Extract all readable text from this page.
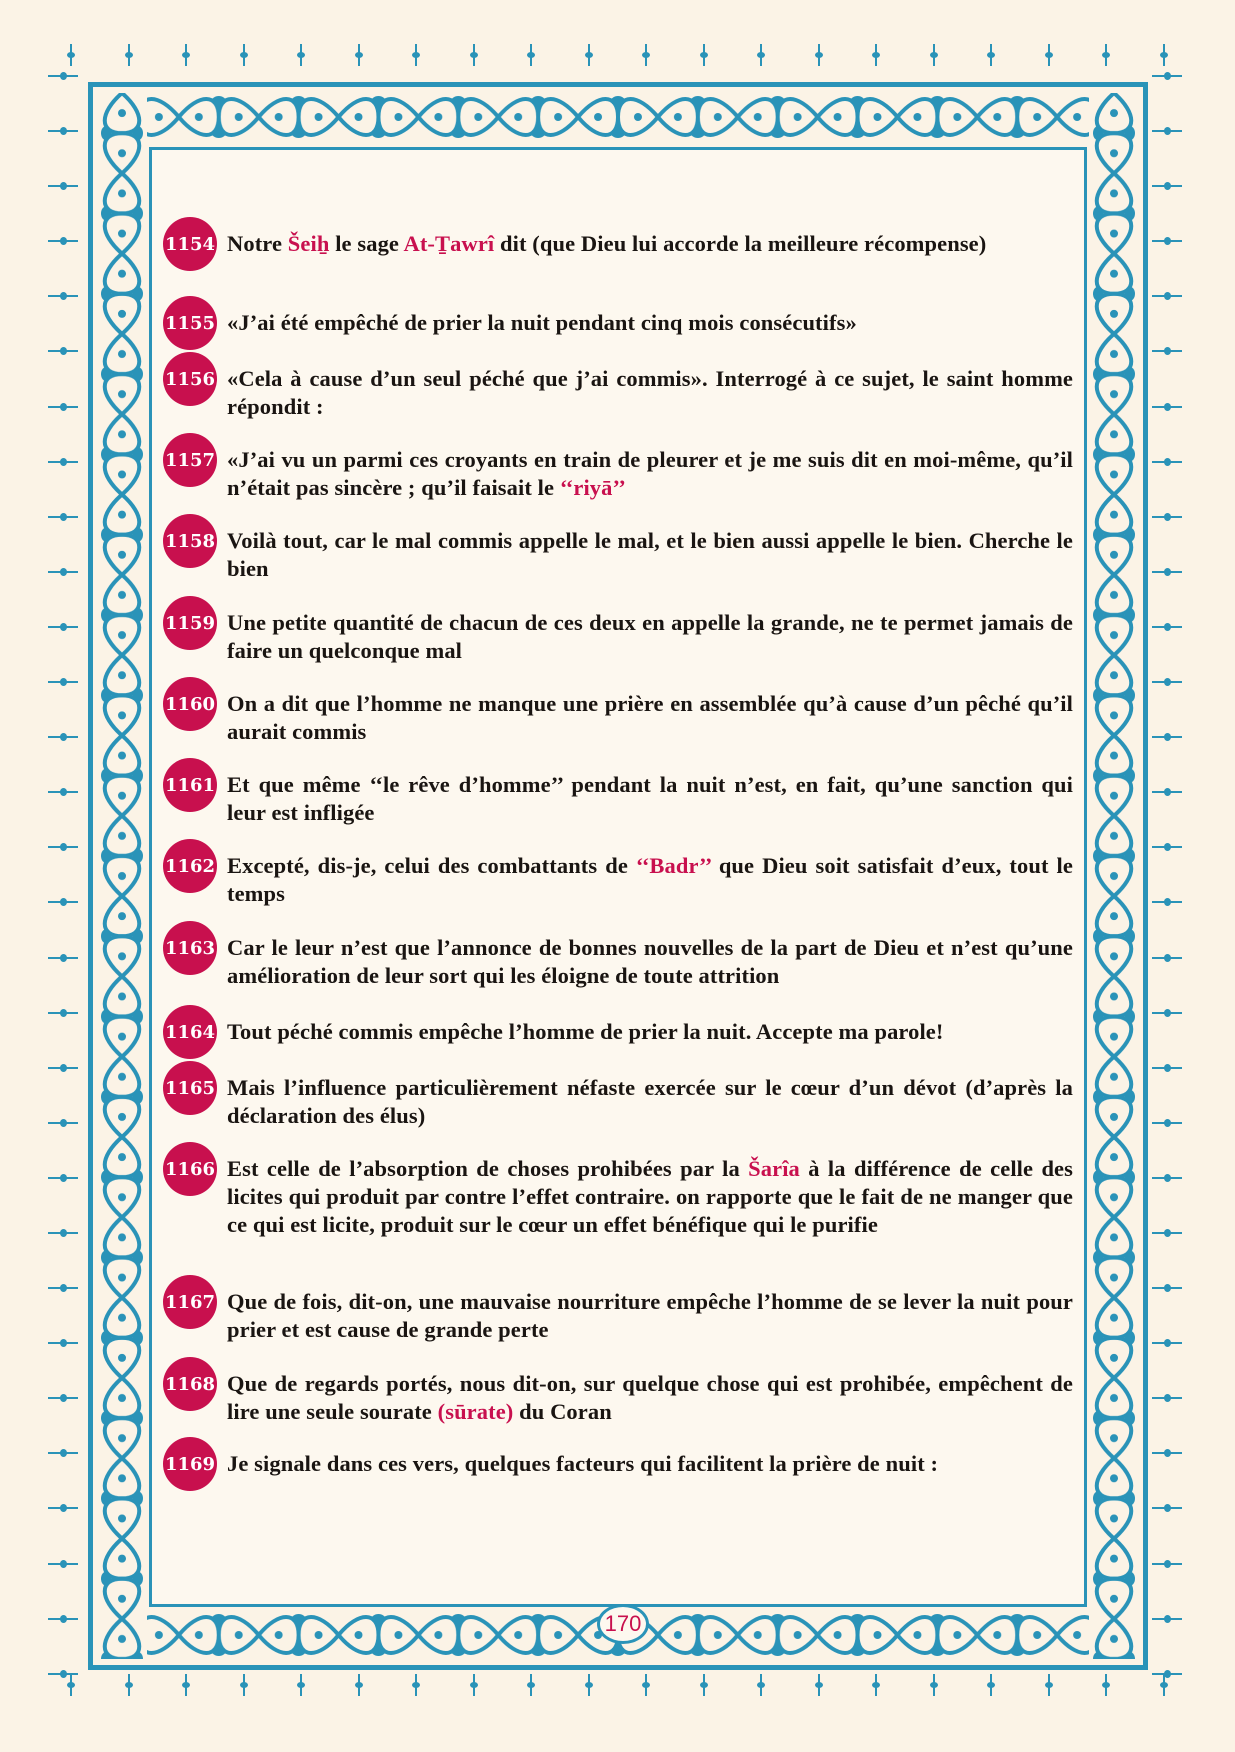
170
1154 Notre Šeiẖ le sage At-Ṯawrî dit (que Dieu lui accorde la meilleure récompense)
1155 «J’ai été empêché de prier la nuit pendant cinq mois consécutifs»
1156 «Cela à cause d’un seul péché que j’ai commis». Interrogé à ce sujet, le saint homme répondit :
1157 «J’ai vu un parmi ces croyants en train de pleurer et je me suis dit en moi-même, qu’il n’était pas sincère ; qu’il faisait le ‘‘riyā’’
1158 Voilà tout, car le mal commis appelle le mal, et le bien aussi appelle le bien. Cherche le bien
1159 Une petite quantité de chacun de ces deux en appelle la grande, ne te permet jamais de faire un quelconque mal
1160 On a dit que l’homme ne manque une prière en assemblée qu’à cause d’un pêché qu’il aurait commis
1161 Et que même ‘‘le rêve d’homme’’ pendant la nuit n’est, en fait, qu’une sanction qui leur est infligée
1162 Excepté, dis-je, celui des combattants de ‘‘Badr’’ que Dieu soit satisfait d’eux, tout le temps
1163 Car le leur n’est que l’annonce de bonnes nouvelles de la part de Dieu et n’est qu’une amélioration de leur sort qui les éloigne de toute attrition
1164 Tout péché commis empêche l’homme de prier la nuit. Accepte ma parole!
1165 Mais l’influence particulièrement néfaste exercée sur le cœur d’un dévot (d’après la déclaration des élus)
1166 Est celle de l’absorption de choses prohibées par la Šarîa à la différence de celle des licites qui produit par contre l’effet contraire. on rapporte que le fait de ne manger que ce qui est licite, produit sur le cœur un effet bénéfique qui le purifie
1167 Que de fois, dit-on, une mauvaise nourriture empêche l’homme de se lever la nuit pour prier et est cause de grande perte
1168 Que de regards portés, nous dit-on, sur quelque chose qui est prohibée, empêchent de lire une seule sourate (sūrate) du Coran
1169 Je signale dans ces vers, quelques facteurs qui facilitent la prière de nuit :
